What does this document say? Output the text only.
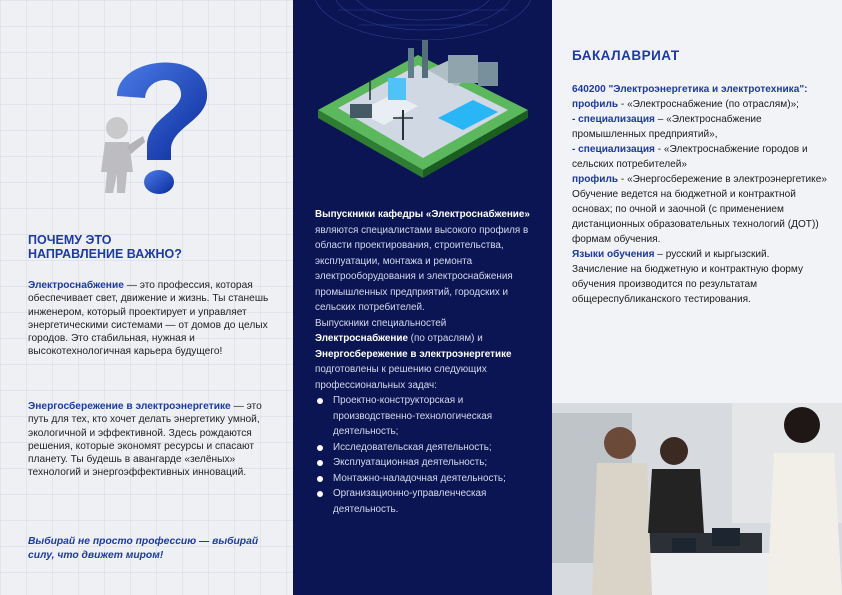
ПОЧЕМУ ЭТО
НАПРАВЛЕНИЕ ВАЖНО?
Электроснабжение — это профессия, которая обеспечивает свет, движение и жизнь. Ты станешь инженером, который проектирует и управляет энергетическими системами — от домов до целых городов. Это стабильная, нужная и высокотехнологичная карьера будущего!
Энергосбережение в электроэнергетике — это путь для тех, кто хочет делать энергетику умной, экологичной и эффективной. Здесь рождаются решения, которые экономят ресурсы и спасают планету. Ты будешь в авангарде «зелёных» технологий и энергоэффективных инноваций.
Выбирай не просто профессию — выбирай силу, что движет миром!
Выпускники кафедры «Электроснабжение» являются специалистами высокого профиля в области проектирования, строительства, эксплуатации, монтажа и ремонта электрооборудования и электроснабжения промышленных предприятий, городских и сельских потребителей.
Выпускники специальностей Электроснабжение (по отраслям) и Энергосбережение в электроэнергетике подготовлены к решению следующих профессиональных задач:
Проектно-конструкторская и производственно-технологическая деятельность;
Исследовательская деятельность;
Эксплуатационная деятельность;
Монтажно-наладочная деятельность;
Организационно-управленческая деятельность.
БАКАЛАВРИАТ
640200 "Электроэнергетика и электротехника":
профиль - «Электроснабжение (по отраслям)»;
- специализация – «Электроснабжение промышленных предприятий»,
- специализация - «Электроснабжение городов и сельских потребителей»
профиль - «Энергосбережение в электроэнергетике»
Обучение ведется на бюджетной и контрактной основах; по очной и заочной (с применением дистанционных образовательных технологий (ДОТ)) формам обучения.
Языки обучения – русский и кыргызский.
Зачисление на бюджетную и контрактную форму обучения производится по результатам общереспубликанского тестирования.
